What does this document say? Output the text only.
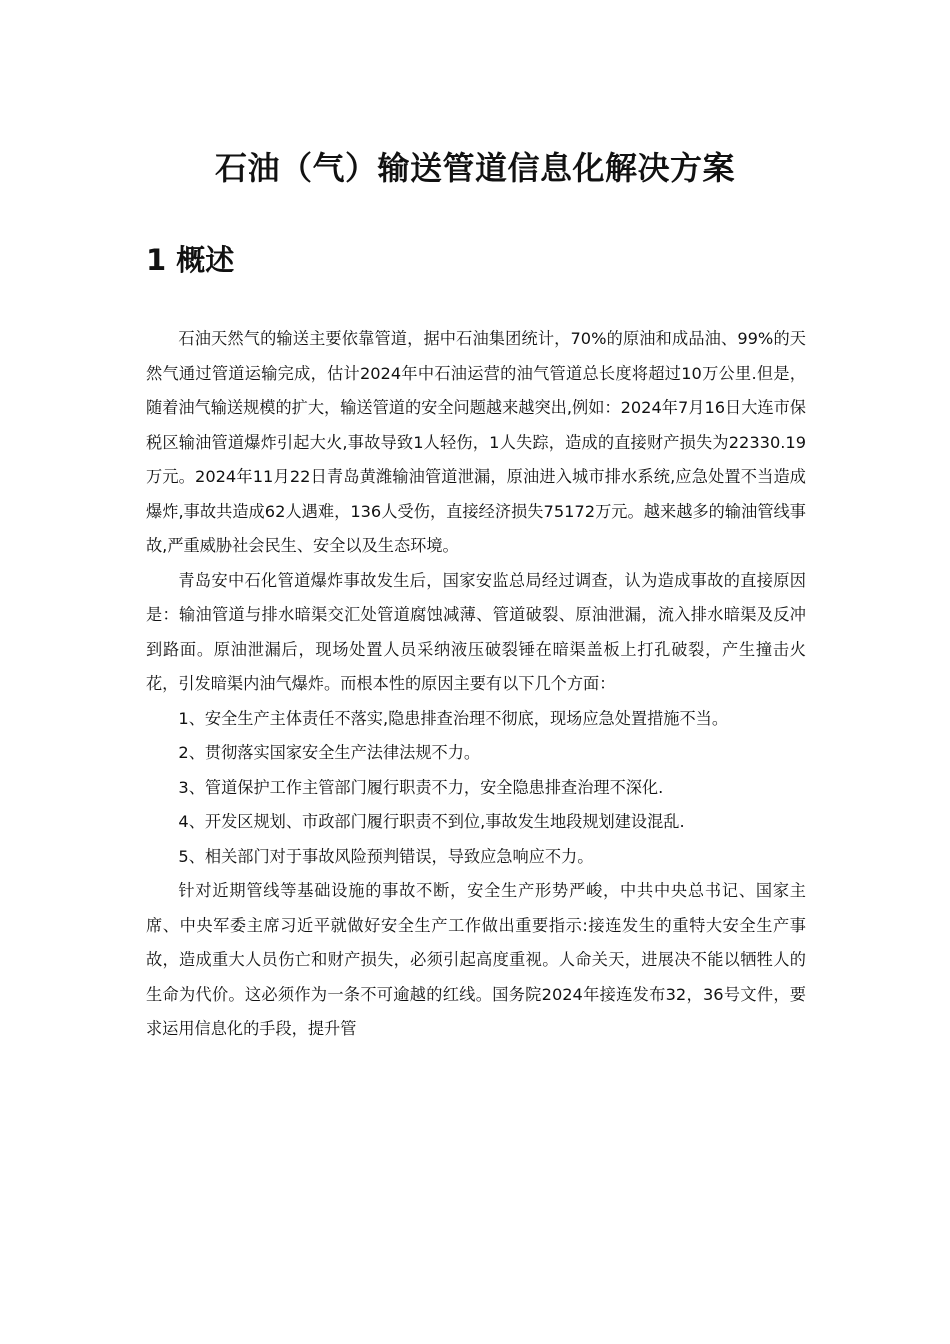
石油（气）输送管道信息化解决方案
1 概述

石油天然气的输送主要依靠管道，据中石油集团统计，70%的原油和成品油、99%的天然气通过管道运输完成，估计2024年中石油运营的油气管道总长度将超过10万公里.但是，随着油气输送规模的扩大，输送管道的安全问题越来越突出,例如：2024年7月16日大连市保税区输油管道爆炸引起大火,事故导致1人轻伤，1人失踪，造成的直接财产损失为22330.19万元。2024年11月22日青岛黄潍输油管道泄漏，原油进入城市排水系统,应急处置不当造成爆炸,事故共造成62人遇难，136人受伤，直接经济损失75172万元。越来越多的输油管线事故,严重威胁社会民生、安全以及生态环境。

青岛安中石化管道爆炸事故发生后，国家安监总局经过调查，认为造成事故的直接原因是：输油管道与排水暗渠交汇处管道腐蚀减薄、管道破裂、原油泄漏，流入排水暗渠及反冲到路面。原油泄漏后，现场处置人员采纳液压破裂锤在暗渠盖板上打孔破裂，产生撞击火花，引发暗渠内油气爆炸。而根本性的原因主要有以下几个方面：

1、安全生产主体责任不落实,隐患排查治理不彻底，现场应急处置措施不当。

2、贯彻落实国家安全生产法律法规不力。

3、管道保护工作主管部门履行职责不力，安全隐患排查治理不深化.

4、开发区规划、市政部门履行职责不到位,事故发生地段规划建设混乱.

5、相关部门对于事故风险预判错误，导致应急响应不力。

针对近期管线等基础设施的事故不断，安全生产形势严峻，中共中央总书记、国家主席、中央军委主席习近平就做好安全生产工作做出重要指示:接连发生的重特大安全生产事故，造成重大人员伤亡和财产损失，必须引起高度重视。人命关天，进展决不能以牺牲人的生命为代价。这必须作为一条不可逾越的红线。国务院2024年接连发布32，36号文件，要求运用信息化的手段，提升管
